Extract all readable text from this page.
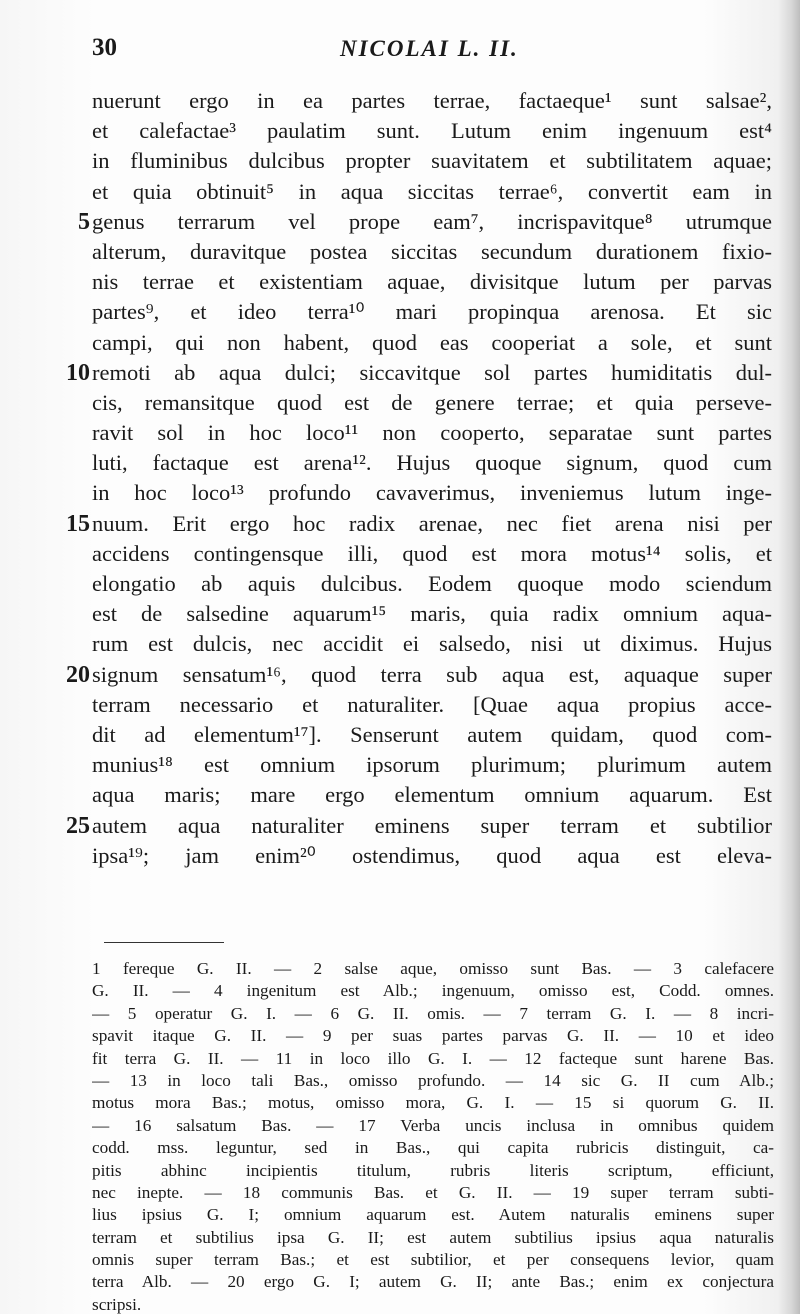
30	NICOLAI L. II.
nuerunt ergo in ea partes terrae, factaeque¹ sunt salsae²,
et calefactae³ paulatim sunt. Lutum enim ingenuum est⁴
in fluminibus dulcibus propter suavitatem et subtilitatem aquae;
et quia obtinuit⁵ in aqua siccitas terrae⁶, convertit eam in
5 genus terrarum vel prope eam⁷, incrispavitque⁸ utrumque
alterum, duravitque postea siccitas secundum durationem fixio-
nis terrae et existentiam aquae, divisitque lutum per parvas
partes⁹, et ideo terra¹⁰ mari propinqua arenosa. Et sic
campi, qui non habent, quod eas cooperiat a sole, et sunt
10 remoti ab aqua dulci; siccavitque sol partes humiditatis dul-
cis, remansitque quod est de genere terrae; et quia perseve-
ravit sol in hoc loco¹¹ non cooperto, separatae sunt partes
luti, factaque est arena¹². Hujus quoque signum, quod cum
in hoc loco¹³ profundo cavaverimus, inveniemus lutum inge-
15 nuum. Erit ergo hoc radix arenae, nec fiet arena nisi per
accidens contingensque illi, quod est mora motus¹⁴ solis, et
elongatio ab aquis dulcibus. Eodem quoque modo sciendum
est de salsedine aquarum¹⁵ maris, quia radix omnium aqua-
rum est dulcis, nec accidit ei salsedo, nisi ut diximus. Hujus
20 signum sensatum¹⁶, quod terra sub aqua est, aquaque super
terram necessario et naturaliter. [Quae aqua propius acce-
dit ad elementum¹⁷]. Senserunt autem quidam, quod com-
munius¹⁸ est omnium ipsorum plurimum; plurimum autem
aqua maris; mare ergo elementum omnium aquarum. Est
25 autem aqua naturaliter eminens super terram et subtilior
ipsa¹⁹; jam enim²⁰ ostendimus, quod aqua est eleva-
1 fereque G. II. — 2 salse aque, omisso sunt Bas. — 3 calefacere
G. II. — 4 ingenitum est Alb.; ingenuum, omisso est, Codd. omnes.
— 5 operatur G. I. — 6 G. II. omis. — 7 terram G. I. — 8 incri-
spavit itaque G. II. — 9 per suas partes parvas G. II. — 10 et ideo
fit terra G. II. — 11 in loco illo G. I. — 12 facteque sunt harene Bas.
— 13 in loco tali Bas., omisso profundo. — 14 sic G. II cum Alb.;
motus mora Bas.; motus, omisso mora, G. I. — 15 si quorum G. II.
— 16 salsatum Bas. — 17 Verba uncis inclusa in omnibus quidem
codd. mss. leguntur, sed in Bas., qui capita rubricis distinguit, ca-
pitis abhinc incipientis titulum, rubris literis scriptum, efficiunt,
nec inepte. — 18 communis Bas. et G. II. — 19 super terram subti-
lius ipsius G. I; omnium aquarum est. Autem naturalis eminens super
terram et subtilius ipsa G. II; est autem subtilius ipsius aqua naturalis
omnis super terram Bas.; et est subtilior, et per consequens levior, quam
terra Alb. — 20 ergo G. I; autem G. II; ante Bas.; enim ex conjectura
scripsi.
